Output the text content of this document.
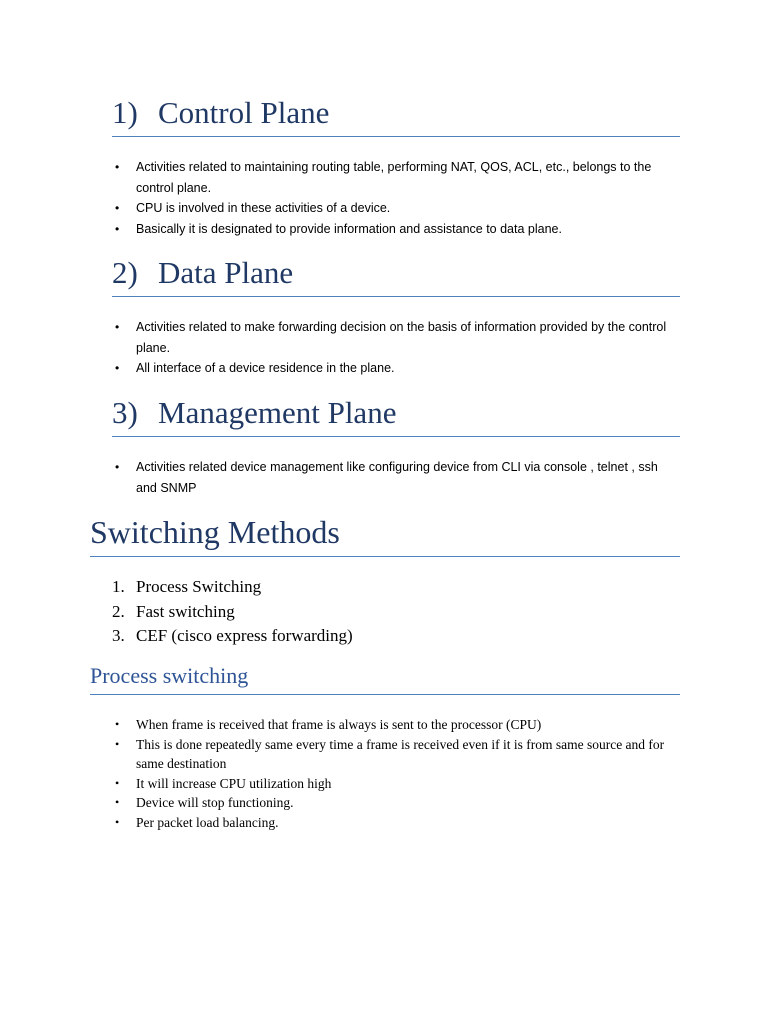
1) Control Plane
• Activities related to maintaining routing table, performing NAT, QOS, ACL, etc., belongs to the control plane.
• CPU is involved in these activities of a device.
• Basically it is designated to provide information and assistance to data plane.
2) Data Plane
• Activities related to make forwarding decision on the basis of information provided by the control plane.
• All interface of a device residence in the plane.
3) Management Plane
• Activities related device management like configuring device from CLI via console , telnet , ssh and SNMP
Switching Methods
1. Process Switching
2. Fast switching
3. CEF (cisco express forwarding)
Process switching
• When frame is received that frame is always is sent to the processor (CPU)
• This is done repeatedly same every time a frame is received even if it is from same source and for same destination
• It will increase CPU utilization high
• Device will stop functioning.
• Per packet load balancing.
